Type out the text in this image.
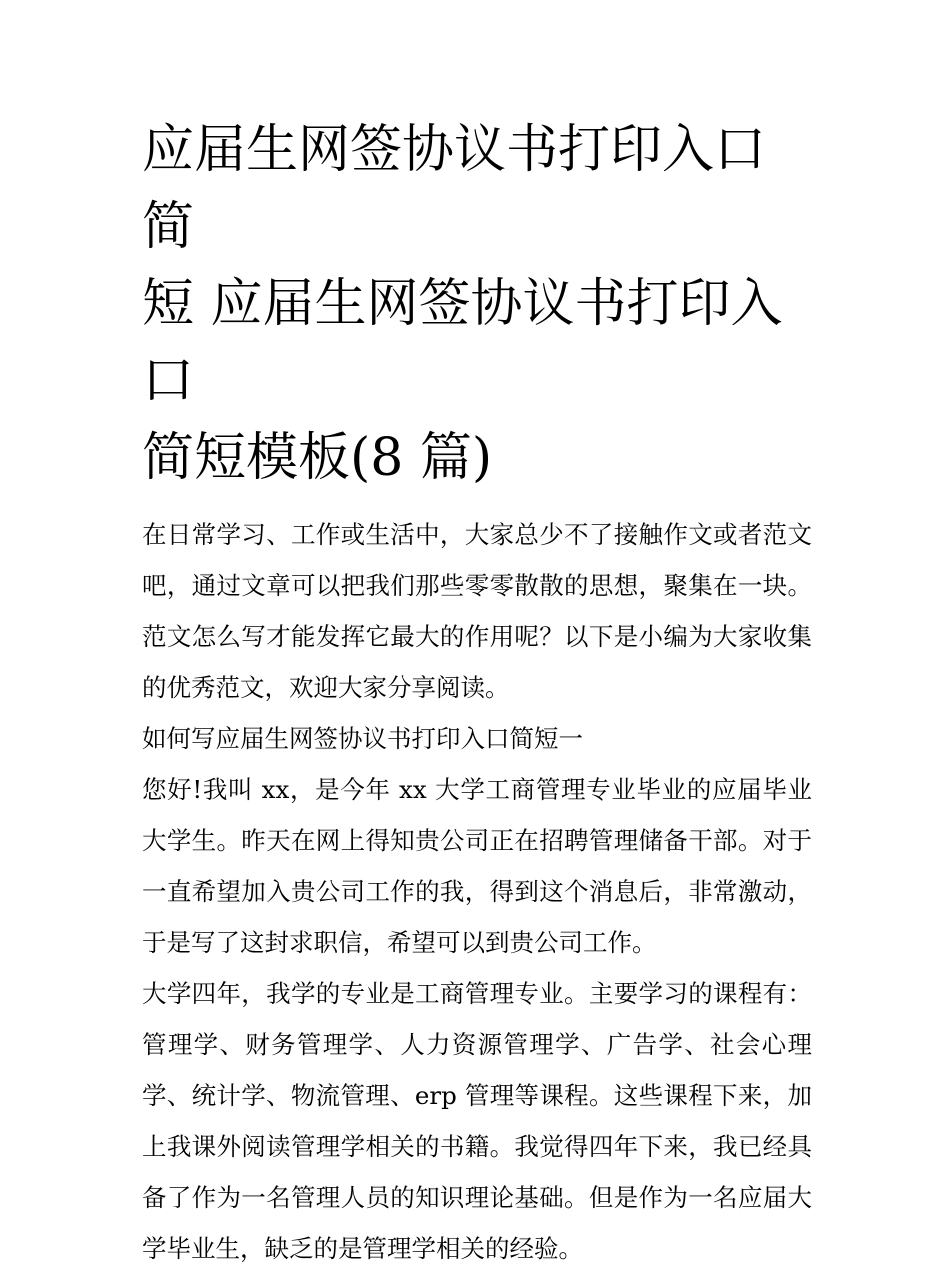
应届生网签协议书打印入口简
短 应届生网签协议书打印入口
简短模板(8 篇)

在日常学习、工作或生活中，大家总少不了接触作文或者范文吧，通过文章可以把我们那些零零散散的思想，聚集在一块。范文怎么写才能发挥它最大的作用呢？以下是小编为大家收集的优秀范文，欢迎大家分享阅读。

如何写应届生网签协议书打印入口简短一

您好!我叫 xx，是今年 xx 大学工商管理专业毕业的应届毕业大学生。昨天在网上得知贵公司正在招聘管理储备干部。对于一直希望加入贵公司工作的我，得到这个消息后，非常激动，于是写了这封求职信，希望可以到贵公司工作。

大学四年，我学的专业是工商管理专业。主要学习的课程有：管理学、财务管理学、人力资源管理学、广告学、社会心理学、统计学、物流管理、erp 管理等课程。这些课程下来，加上我课外阅读管理学相关的书籍。我觉得四年下来，我已经具备了作为一名管理人员的知识理论基础。但是作为一名应届大学毕业生，缺乏的是管理学相关的经验。
